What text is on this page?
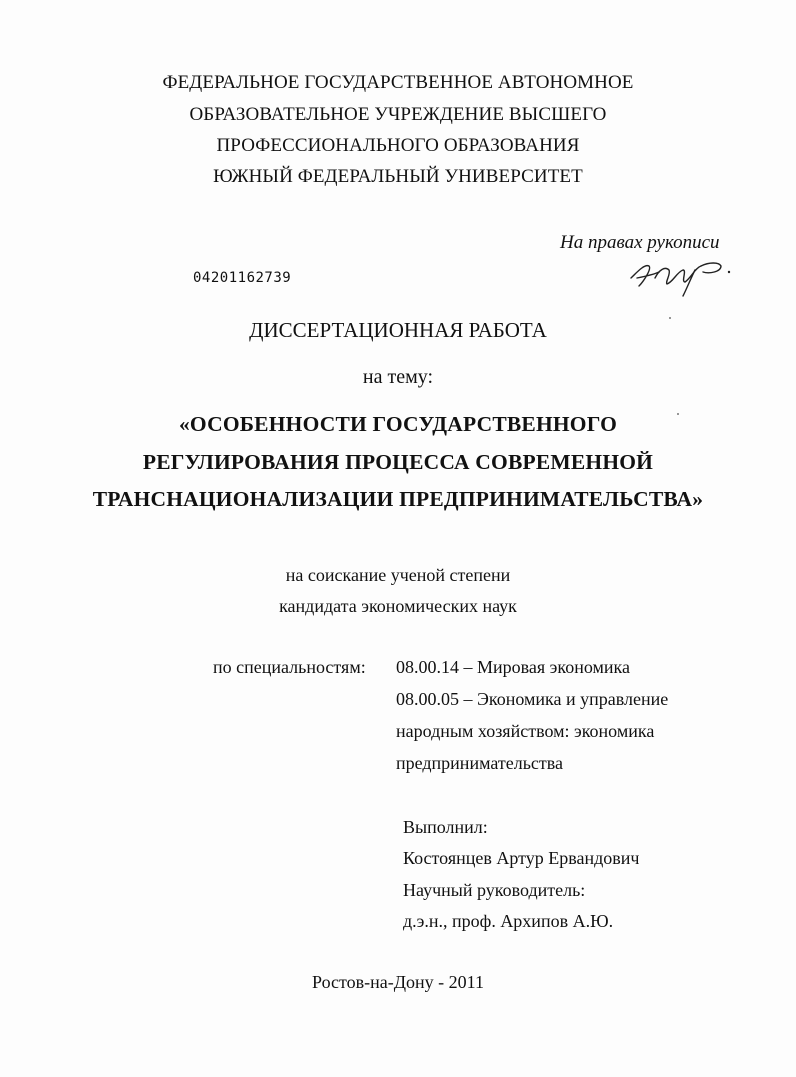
ФЕДЕРАЛЬНОЕ ГОСУДАРСТВЕННОЕ АВТОНОМНОЕ
ОБРАЗОВАТЕЛЬНОЕ УЧРЕЖДЕНИЕ ВЫСШЕГО
ПРОФЕССИОНАЛЬНОГО ОБРАЗОВАНИЯ
ЮЖНЫЙ ФЕДЕРАЛЬНЫЙ УНИВЕРСИТЕТ
На правах рукописи
04201162739
ДИССЕРТАЦИОННАЯ РАБОТА
на тему:
«ОСОБЕННОСТИ ГОСУДАРСТВЕННОГО
РЕГУЛИРОВАНИЯ ПРОЦЕССА СОВРЕМЕННОЙ
ТРАНСНАЦИОНАЛИЗАЦИИ ПРЕДПРИНИМАТЕЛЬСТВА»
на соискание ученой степени
кандидата экономических наук
по специальностям: 08.00.14 – Мировая экономика
08.00.05 – Экономика и управление
народным хозяйством: экономика
предпринимательства
Выполнил:
Костоянцев Артур Ервандович
Научный руководитель:
д.э.н., проф. Архипов А.Ю.
Ростов-на-Дону - 2011
